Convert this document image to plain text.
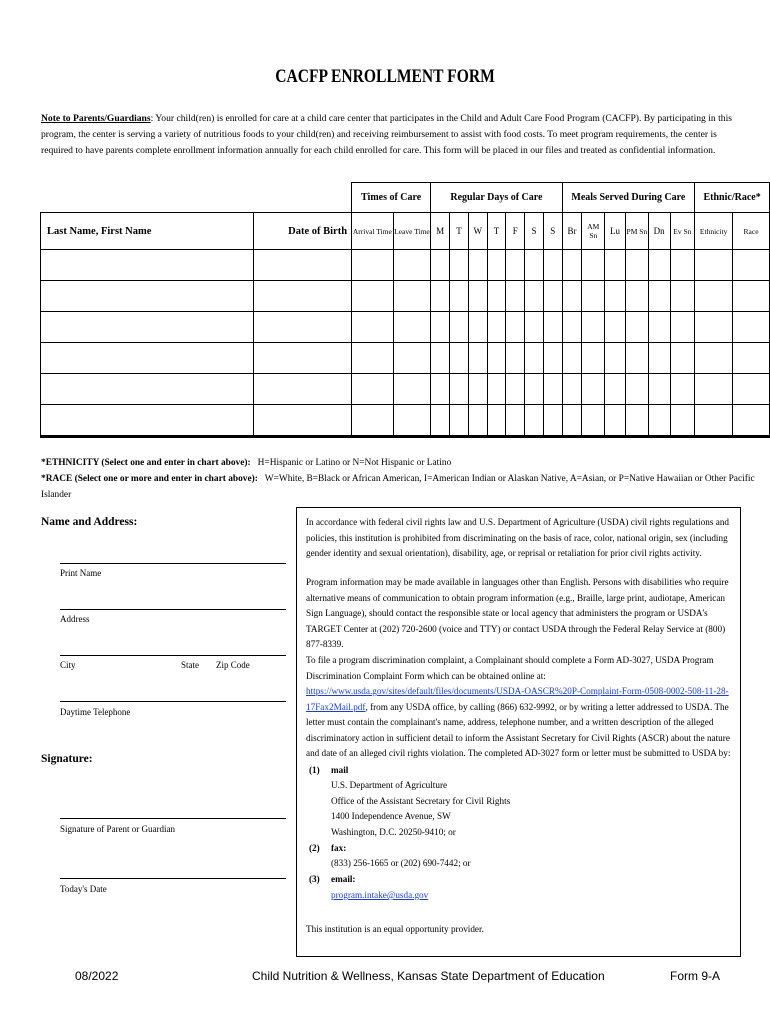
CACFP ENROLLMENT FORM
Note to Parents/Guardians: Your child(ren) is enrolled for care at a child care center that participates in the Child and Adult Care Food Program (CACFP). By participating in this program, the center is serving a variety of nutritious foods to your child(ren) and receiving reimbursement to assist with food costs. To meet program requirements, the center is required to have parents complete enrollment information annually for each child enrolled for care. This form will be placed in our files and treated as confidential information.
		Times of Care		Regular Days of Care							Meals Served During Care						Ethnic/Race*	
Last Name, First Name	Date of Birth	Arrival Time	Leave Time	M	T	W	T	F	S	S	Br	AM Sn	Lu	PM Sn	Dn	Ev Sn	Ethnicity	Race

*ETHNICITY (Select one and enter in chart above): H=Hispanic or Latino or N=Not Hispanic or Latino
*RACE (Select one or more and enter in chart above): W=White, B=Black or African American, I=American Indian or Alaskan Native, A=Asian, or P=Native Hawaiian or Other Pacific Islander
Name and Address:
Print Name
Address
City	State Zip Code
Daytime Telephone
Signature:
Signature of Parent or Guardian
Today's Date

In accordance with federal civil rights law and U.S. Department of Agriculture (USDA) civil rights regulations and policies, this institution is prohibited from discriminating on the basis of race, color, national origin, sex (including gender identity and sexual orientation), disability, age, or reprisal or retaliation for prior civil rights activity.

Program information may be made available in languages other than English. Persons with disabilities who require alternative means of communication to obtain program information (e.g., Braille, large print, audiotape, American Sign Language), should contact the responsible state or local agency that administers the program or USDA's TARGET Center at (202) 720-2600 (voice and TTY) or contact USDA through the Federal Relay Service at (800) 877-8339.

To file a program discrimination complaint, a Complainant should complete a Form AD-3027, USDA Program Discrimination Complaint Form which can be obtained online at: https://www.usda.gov/sites/default/files/documents/USDA-OASCR%20P-Complaint-Form-0508-0002-508-11-28-17Fax2Mail.pdf, from any USDA office, by calling (866) 632-9992, or by writing a letter addressed to USDA. The letter must contain the complainant's name, address, telephone number, and a written description of the alleged discriminatory action in sufficient detail to inform the Assistant Secretary for Civil Rights (ASCR) about the nature and date of an alleged civil rights violation. The completed AD-3027 form or letter must be submitted to USDA by:

(1) mail
U.S. Department of Agriculture
Office of the Assistant Secretary for Civil Rights
1400 Independence Avenue, SW
Washington, D.C. 20250-9410; or
(2) fax:
(833) 256-1665 or (202) 690-7442; or
(3) email:
program.intake@usda.gov

This institution is an equal opportunity provider.

08/2022	Child Nutrition & Wellness, Kansas State Department of Education	Form 9-A
